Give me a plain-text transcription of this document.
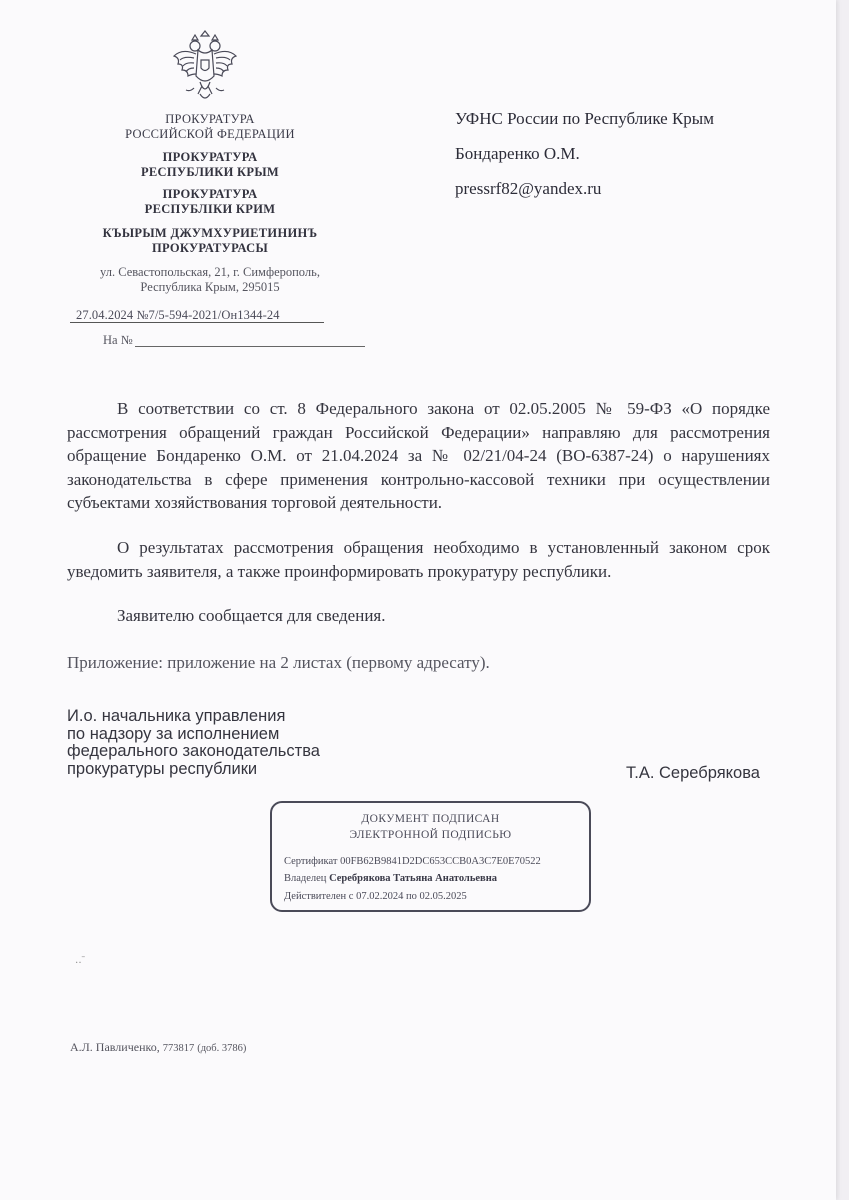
ПРОКУРАТУРА
РОССИЙСКОЙ ФЕДЕРАЦИИ
ПРОКУРАТУРА
РЕСПУБЛИКИ КРЫМ
ПРОКУРАТУРА
РЕСПУБЛІКИ КРИМ
КЪЫРЫМ ДЖУМХУРИЕТИНИНЪ
ПРОКУРАТУРАСЫ
ул. Севастопольская, 21, г. Симферополь,
Республика Крым, 295015
27.04.2024 №7/5-594-2021/Он1344-24
На №
УФНС России по Республике Крым
Бондаренко О.М.
pressrf82@yandex.ru
В соответствии со ст. 8 Федерального закона от 02.05.2005 № 59-ФЗ «О порядке рассмотрения обращений граждан Российской Федерации» направляю для рассмотрения обращение Бондаренко О.М. от 21.04.2024 за № 02/21/04-24 (ВО-6387-24) о нарушениях законодательства в сфере применения контрольно-кассовой техники при осуществлении субъектами хозяйствования торговой деятельности.
О результатах рассмотрения обращения необходимо в установленный законом срок уведомить заявителя, а также проинформировать прокуратуру республики.
Заявителю сообщается для сведения.
Приложение: приложение на 2 листах (первому адресату).
И.о. начальника управления
по надзору за исполнением
федерального законодательства
прокуратуры республики	Т.А. Серебрякова
ДОКУМЕНТ ПОДПИСАН
ЭЛЕКТРОННОЙ ПОДПИСЬЮ
Сертификат 00FB62B9841D2DC653CCB0A3C7E0E70522
Владелец Серебрякова Татьяна Анатольевна
Действителен с 07.02.2024 по 02.05.2025
‥ˉ
А.Л. Павличенко, 773817 (доб. 3786)
